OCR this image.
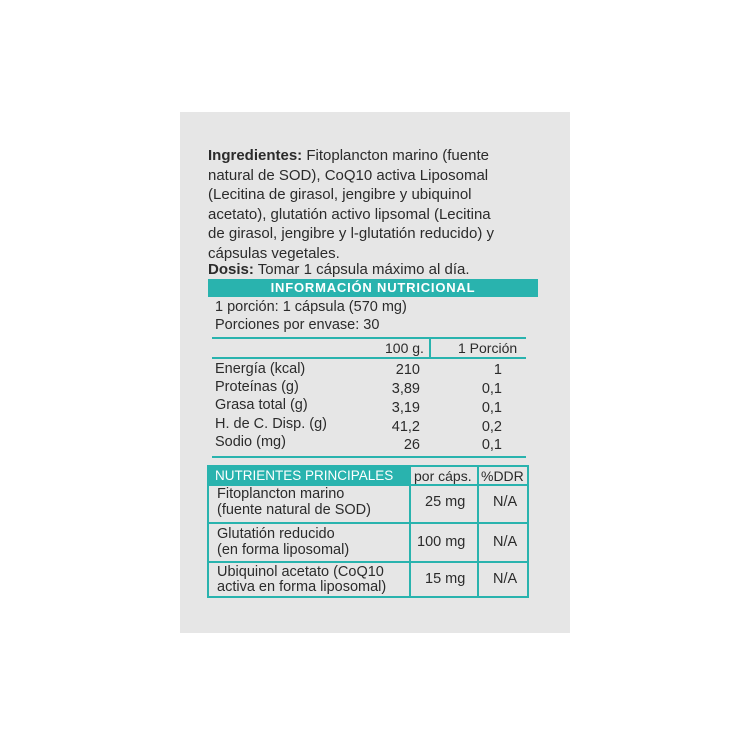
Ingredientes: Fitoplancton marino (fuente
natural de SOD), CoQ10 activa Liposomal
(Lecitina de girasol, jengibre y ubiquinol
acetato), glutatión activo lipsomal (Lecitina
de girasol, jengibre y l-glutatión reducido) y
cápsulas vegetales.
Dosis: Tomar 1 cápsula máximo al día.
INFORMACIÓN NUTRICIONAL
1 porción: 1 cápsula (570 mg)
Porciones por envase: 30
100 g. 1 Porción
Energía (kcal)	210	1
Proteínas (g)	3,89	0,1
Grasa total (g)	3,19	0,1
H. de C. Disp. (g)	41,2	0,2
Sodio (mg)	26	0,1
NUTRIENTES PRINCIPALES	por cáps. %DDR
Fitoplancton marino
(fuente natural de SOD)	25 mg N/A
Glutatión reducido
(en forma liposomal)	100 mg N/A
Ubiquinol acetato (CoQ10
activa en forma liposomal)	15 mg N/A
